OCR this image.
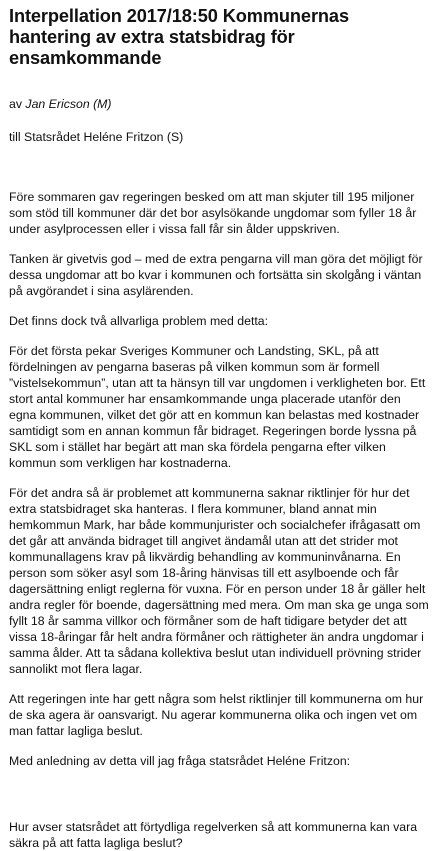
Interpellation 2017/18:50 Kommunernas hantering av extra statsbidrag för ensamkommande

av Jan Ericson (M)

till Statsrådet Heléne Fritzon (S)

Före sommaren gav regeringen besked om att man skjuter till 195 miljoner som stöd till kommuner där det bor asylsökande ungdomar som fyller 18 år under asylprocessen eller i vissa fall får sin ålder uppskriven.

Tanken är givetvis god – med de extra pengarna vill man göra det möjligt för dessa ungdomar att bo kvar i kommunen och fortsätta sin skolgång i väntan på avgörandet i sina asylärenden.

Det finns dock två allvarliga problem med detta:

För det första pekar Sveriges Kommuner och Landsting, SKL, på att fördelningen av pengarna baseras på vilken kommun som är formell ”vistelsekommun”, utan att ta hänsyn till var ungdomen i verkligheten bor. Ett stort antal kommuner har ensamkommande unga placerade utanför den egna kommunen, vilket det gör att en kommun kan belastas med kostnader samtidigt som en annan kommun får bidraget. Regeringen borde lyssna på SKL som i stället har begärt att man ska fördela pengarna efter vilken kommun som verkligen har kostnaderna.

För det andra så är problemet att kommunerna saknar riktlinjer för hur det extra statsbidraget ska hanteras. I flera kommuner, bland annat min hemkommun Mark, har både kommunjurister och socialchefer ifrågasatt om det går att använda bidraget till angivet ändamål utan att det strider mot kommunallagens krav på likvärdig behandling av kommuninvånarna. En person som söker asyl som 18-åring hänvisas till ett asylboende och får dagersättning enligt reglerna för vuxna. För en person under 18 år gäller helt andra regler för boende, dagersättning med mera. Om man ska ge unga som fyllt 18 år samma villkor och förmåner som de haft tidigare betyder det att vissa 18-åringar får helt andra förmåner och rättigheter än andra ungdomar i samma ålder. Att ta sådana kollektiva beslut utan individuell prövning strider sannolikt mot flera lagar.

Att regeringen inte har gett några som helst riktlinjer till kommunerna om hur de ska agera är oansvarigt. Nu agerar kommunerna olika och ingen vet om man fattar lagliga beslut.

Med anledning av detta vill jag fråga statsrådet Heléne Fritzon:

Hur avser statsrådet att förtydliga regelverken så att kommunerna kan vara säkra på att fatta lagliga beslut?
